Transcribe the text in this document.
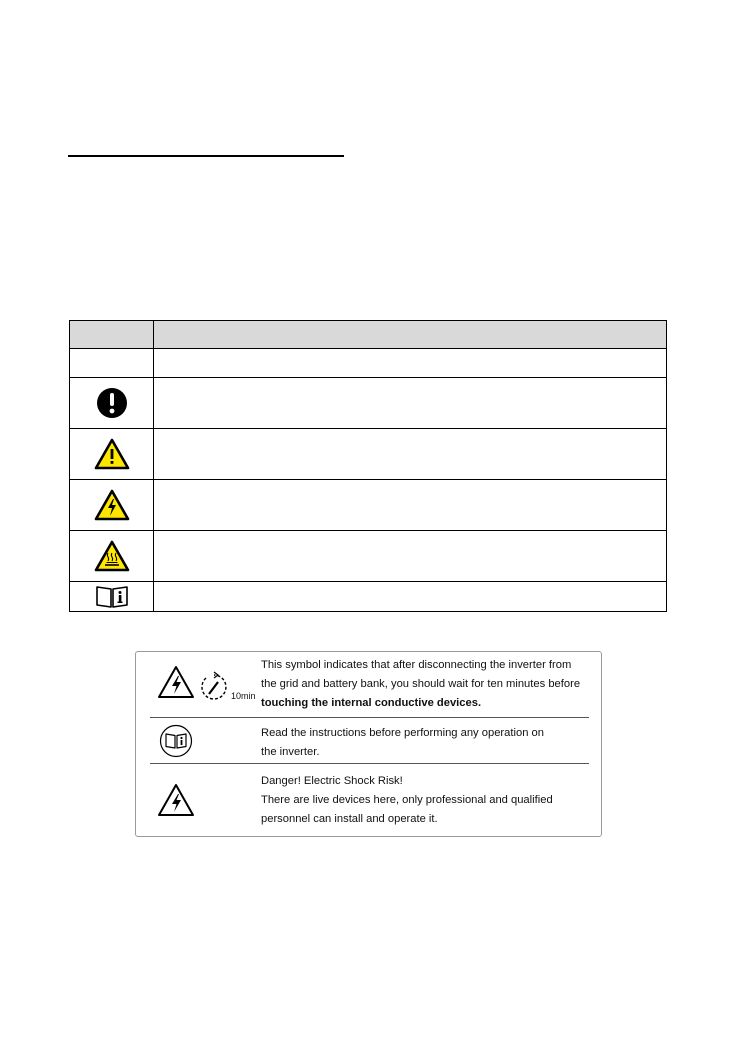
10min
This symbol indicates that after disconnecting the inverter from
the grid and battery bank, you should wait for ten minutes before
touching the internal conductive devices.
Read the instructions before performing any operation on
the inverter.
Danger! Electric Shock Risk!
There are live devices here, only professional and qualified
personnel can install and operate it.
